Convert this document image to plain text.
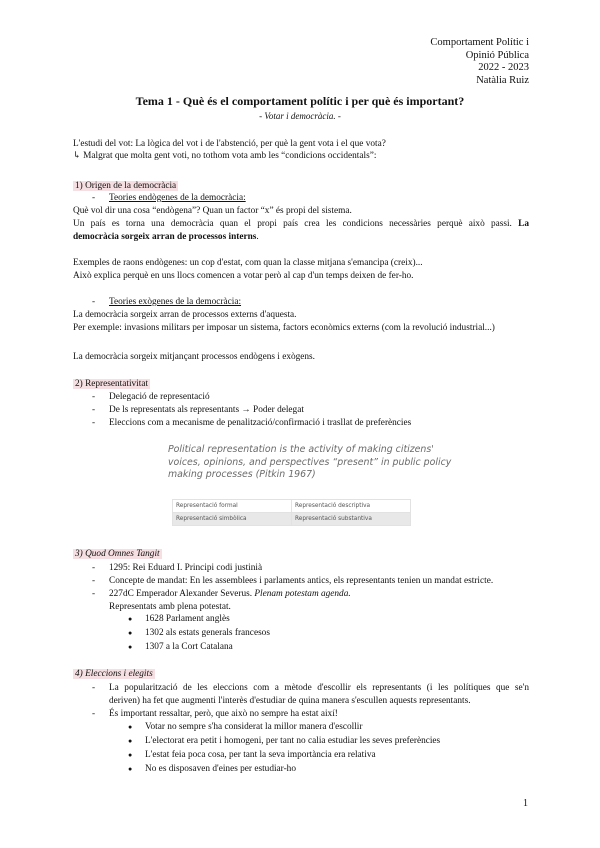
Comportament Polític i
Opinió Pública
2022 - 2023
Natàlia Ruiz
Tema 1 - Què és el comportament polític i per què és important?
- Votar i democràcia. -
L'estudi del vot: La lògica del vot i de l'abstenció, per què la gent vota i el que vota?
↳ Malgrat que molta gent voti, no tothom vota amb les “condicions occidentals”:
1) Origen de la democràcia
- Teories endògenes de la democràcia:
Què vol dir una cosa “endògena”? Quan un factor “x” és propi del sistema.
Un país es torna una democràcia quan el propi país crea les condicions necessàries perquè això passi. La
democràcia sorgeix arran de processos interns.
Exemples de raons endògenes: un cop d'estat, com quan la classe mitjana s'emancipa (creix)...
Això explica perquè en uns llocs comencen a votar però al cap d'un temps deixen de fer-ho.
- Teories exògenes de la democràcia:
La democràcia sorgeix arran de processos externs d'aquesta.
Per exemple: invasions militars per imposar un sistema, factors econòmics externs (com la revolució industrial...)
La democràcia sorgeix mitjançant processos endògens i exògens.
2) Representativitat
- Delegació de representació
- De ls representats als representants → Poder delegat
- Eleccions com a mecanisme de penalització/confirmació i trasllat de preferències
Political representation is the activity of making citizens' voices, opinions, and perspectives “present” in public policy making processes (Pitkin 1967)
Representació formal	Representació descriptiva
Representació simbòlica	Representació substantiva
3) Quod Omnes Tangit
- 1295: Rei Eduard I. Principi codi justinià
- Concepte de mandat: En les assemblees i parlaments antics, els representants tenien un mandat estricte.
- 227dC Emperador Alexander Severus. Plenam potestam agenda.
Representats amb plena potestat.
● 1628 Parlament anglès
● 1302 als estats generals francesos
● 1307 a la Cort Catalana
4) Eleccions i elegits
- La popularització de les eleccions com a mètode d'escollir els representants (i les polítiques que se'n
deriven) ha fet que augmenti l'interès d'estudiar de quina manera s'escullen aquests representants.
- És important ressaltar, però, que això no sempre ha estat així!
● Votar no sempre s'ha considerat la millor manera d'escollir
● L'electorat era petit i homogeni, per tant no calia estudiar les seves preferències
● L'estat feia poca cosa, per tant la seva importància era relativa
● No es disposaven d'eines per estudiar-ho
1
